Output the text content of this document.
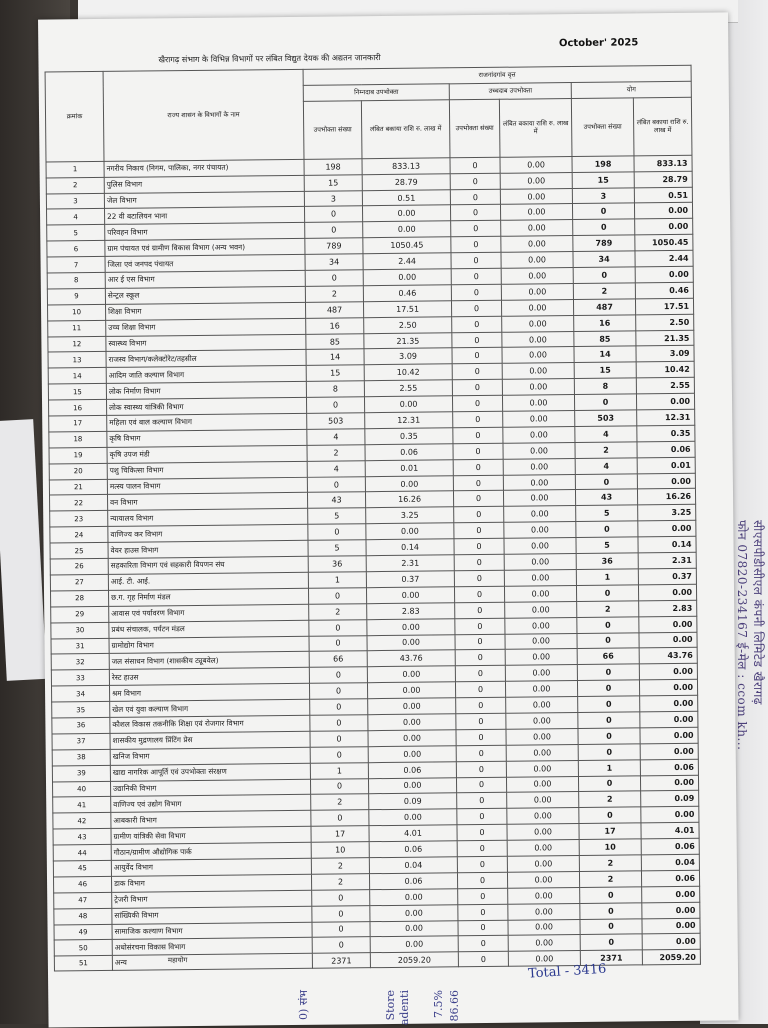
सीएसपीडीसीएल कंपनी लिमिटेड खैरागढ़
फोन 07820-234167 ई-मेल : ccom kh...
खैरागढ़ संभाग के विभिन्न विभागों पर लंबित विद्युत देयक की अद्यतन जानकारी
October' 2025
क्रमांक	राज्य शासन के विभागों के नाम	राजनांदगांव वृत्त					
		निम्नदाब उपभोक्ता		उच्चदाब उपभोक्ता		योग	
		उपभोक्ता संख्या	लंबित बकाया राशि रु. लाख में	उपभोक्ता संख्या	लंबित बकाया राशि रु. लाख में	उपभोक्ता संख्या	लंबित बकाया राशि रु. लाख में
1	नगरीय निकाय (निगम, पालिका, नगर पंचायत)	198	833.13	0	0.00	198	833.13
2	पुलिस विभाग	15	28.79	0	0.00	15	28.79
3	जेल विभाग	3	0.51	0	0.00	3	0.51
4	22 वी बटालियन भाना	0	0.00	0	0.00	0	0.00
5	परिवहन विभाग	0	0.00	0	0.00	0	0.00
6	ग्राम पंचायत एवं ग्रामीण विकास विभाग (अन्य भवन)	789	1050.45	0	0.00	789	1050.45
7	जिला एवं जनपद पंचायत	34	2.44	0	0.00	34	2.44
8	आर ई एस विभाग	0	0.00	0	0.00	0	0.00
9	सेन्ट्रल स्कूल	2	0.46	0	0.00	2	0.46
10	शिक्षा विभाग	487	17.51	0	0.00	487	17.51
11	उच्च शिक्षा विभाग	16	2.50	0	0.00	16	2.50
12	स्वास्थ्य विभाग	85	21.35	0	0.00	85	21.35
13	राजस्व विभाग/कलेक्टोरेट/तहसील	14	3.09	0	0.00	14	3.09
14	आदिम जाति कल्याण विभाग	15	10.42	0	0.00	15	10.42
15	लोक निर्माण विभाग	8	2.55	0	0.00	8	2.55
16	लोक स्वास्थ्य यांत्रिकी विभाग	0	0.00	0	0.00	0	0.00
17	महिला एवं बाल कल्याण विभाग	503	12.31	0	0.00	503	12.31
18	कृषि विभाग	4	0.35	0	0.00	4	0.35
19	कृषि उपज मंडी	2	0.06	0	0.00	2	0.06
20	पशु चिकित्सा विभाग	4	0.01	0	0.00	4	0.01
21	मत्स्य पालन विभाग	0	0.00	0	0.00	0	0.00
22	वन विभाग	43	16.26	0	0.00	43	16.26
23	न्यायालय विभाग	5	3.25	0	0.00	5	3.25
24	वाणिज्य कर विभाग	0	0.00	0	0.00	0	0.00
25	वेयर हाउस विभाग	5	0.14	0	0.00	5	0.14
26	सहकारिता विभाग एवं सहकारी विपणन संघ	36	2.31	0	0.00	36	2.31
27	आई. टी. आई.	1	0.37	0	0.00	1	0.37
28	छ.ग. गृह निर्माण मंडल	0	0.00	0	0.00	0	0.00
29	आवास एवं पर्यावरण विभाग	2	2.83	0	0.00	2	2.83
30	प्रबंध संचालक, पर्यटन मंडल	0	0.00	0	0.00	0	0.00
31	ग्रामोद्योग विभाग	0	0.00	0	0.00	0	0.00
32	जल संसाधन विभाग (शासकीय ट्यूबवेल)	66	43.76	0	0.00	66	43.76
33	रेस्ट हाउस	0	0.00	0	0.00	0	0.00
34	श्रम विभाग	0	0.00	0	0.00	0	0.00
35	खेल एवं युवा कल्याण विभाग	0	0.00	0	0.00	0	0.00
36	कौशल विकास तकनीकि शिक्षा एवं रोजगार विभाग	0	0.00	0	0.00	0	0.00
37	शासकीय मुद्रणालय प्रिंटिंग प्रेस	0	0.00	0	0.00	0	0.00
38	खनिज विभाग	0	0.00	0	0.00	0	0.00
39	खाद्य नागरिक आपूर्ति एवं उपभोक्ता संरक्षण	1	0.06	0	0.00	1	0.06
40	उद्यानिकी विभाग	0	0.00	0	0.00	0	0.00
41	वाणिज्य एवं उद्योग विभाग	2	0.09	0	0.00	2	0.09
42	आबकारी विभाग	0	0.00	0	0.00	0	0.00
43	ग्रामीण यांत्रिकी सेवा विभाग	17	4.01	0	0.00	17	4.01
44	गौठान/ग्रामीण औद्योगिक पार्क	10	0.06	0	0.00	10	0.06
45	आयुर्वेद विभाग	2	0.04	0	0.00	2	0.04
46	डाक विभाग	2	0.06	0	0.00	2	0.06
47	ट्रेजरी विभाग	0	0.00	0	0.00	0	0.00
48	सांख्यिकी विभाग	0	0.00	0	0.00	0	0.00
49	सामाजिक कल्याण विभाग	0	0.00	0	0.00	0	0.00
50	अधोसंरचना विकास विभाग	0	0.00	0	0.00	0	0.00
51	अन्य	2371	2059.20	0	0.00	2371	2059.20
महायोग
Total - 3416
0) संभ	Store adenti 7.5% 86.66
